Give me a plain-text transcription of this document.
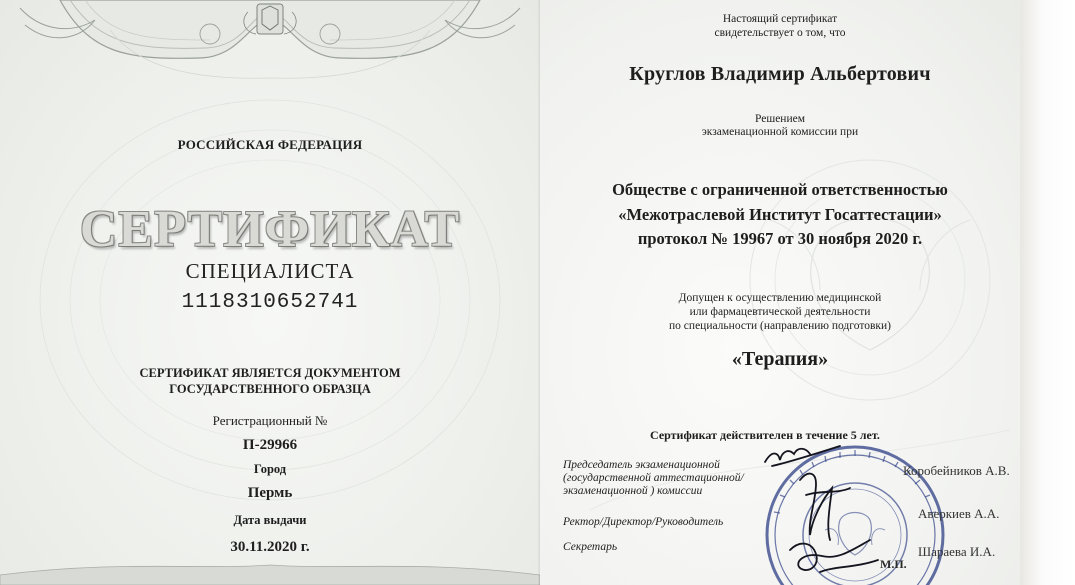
РОССИЙСКАЯ ФЕДЕРАЦИЯ
СЕРТИФИКАТ
СПЕЦИАЛИСТА
1118310652741
СЕРТИФИКАТ ЯВЛЯЕТСЯ ДОКУМЕНТОМ
ГОСУДАРСТВЕННОГО ОБРАЗЦА
Регистрационный №
П-29966
Город
Пермь
Дата выдачи
30.11.2020 г.
Настоящий сертификат
свидетельствует о том, что
Круглов Владимир Альбертович
Решением
экзаменационной комиссии при
Обществе с ограниченной ответственностью
«Межотраслевой Институт Госаттестации»
протокол № 19967 от 30 ноября 2020 г.
Допущен к осуществлению медицинской
или фармацевтической деятельности
по специальности (направлению подготовки)
«Терапия»
Сертификат действителен в течение 5 лет.
Председатель экзаменационной
(государственной аттестационной/
экзаменационной ) комиссии
Коробейников А.В.
Ректор/Директор/Руководитель
Аверкиев А.А.
Секретарь	Шарaева И.А.
М.П.
